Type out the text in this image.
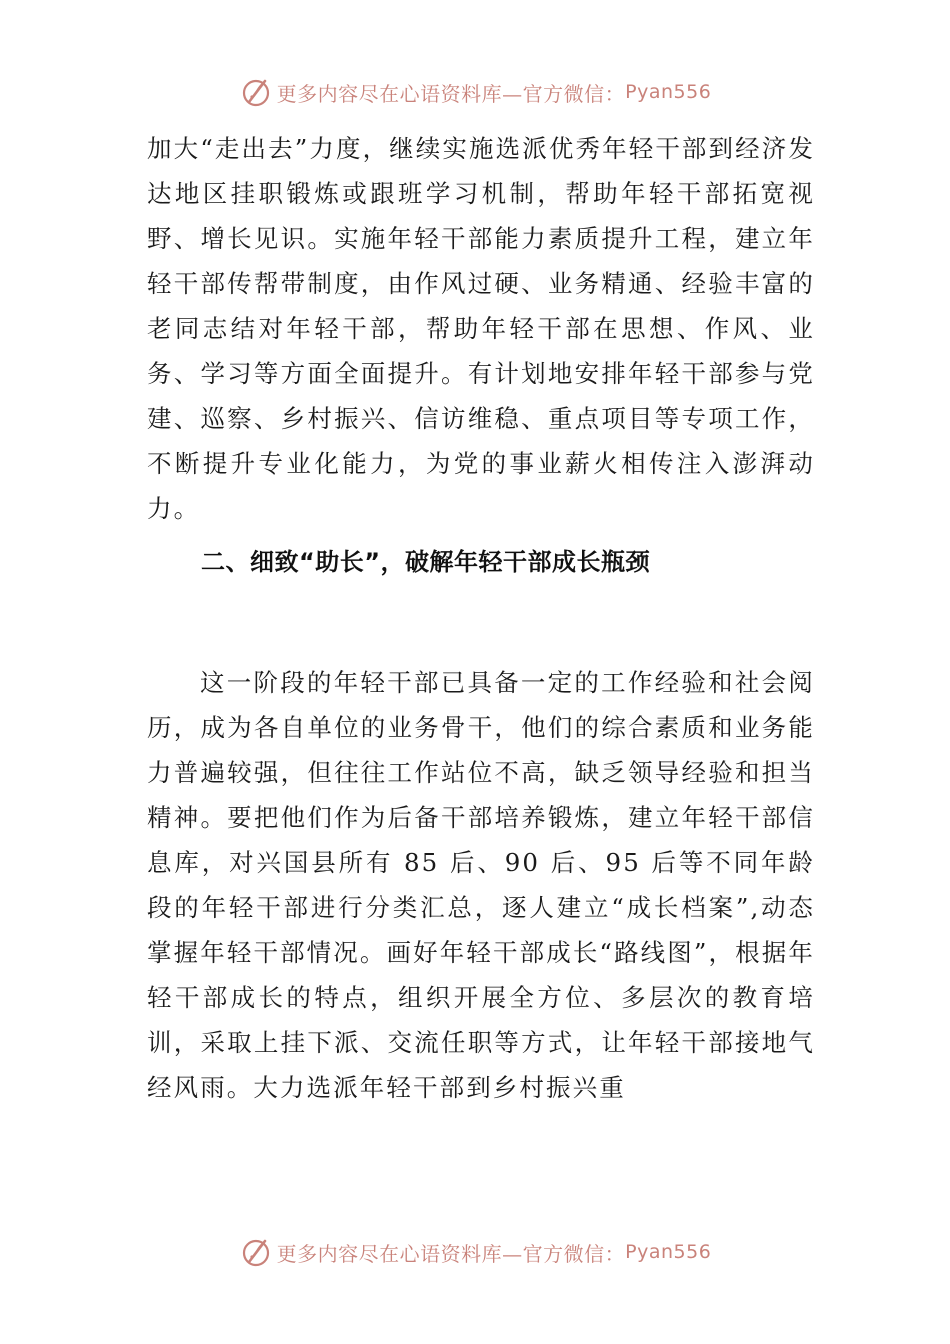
更多内容尽在心语资料库—官方微信： Pyan556

加大“走出去”力度，继续实施选派优秀年轻干部到经济发达地区挂职锻炼或跟班学习机制，帮助年轻干部拓宽视野、增长见识。实施年轻干部能力素质提升工程，建立年轻干部传帮带制度，由作风过硬、业务精通、经验丰富的老同志结对年轻干部，帮助年轻干部在思想、作风、业务、学习等方面全面提升。有计划地安排年轻干部参与党建、巡察、乡村振兴、信访维稳、重点项目等专项工作，不断提升专业化能力，为党的事业薪火相传注入澎湃动力。

二、细致“助长”，破解年轻干部成长瓶颈

这一阶段的年轻干部已具备一定的工作经验和社会阅历，成为各自单位的业务骨干，他们的综合素质和业务能力普遍较强，但往往工作站位不高，缺乏领导经验和担当精神。要把他们作为后备干部培养锻炼，建立年轻干部信息库，对兴国县所有 85 后、90 后、95 后等不同年龄段的年轻干部进行分类汇总，逐人建立“成长档案”,动态掌握年轻干部情况。画好年轻干部成长“路线图”，根据年轻干部成长的特点，组织开展全方位、多层次的教育培训，采取上挂下派、交流任职等方式，让年轻干部接地气经风雨。大力选派年轻干部到乡村振兴重

更多内容尽在心语资料库—官方微信： Pyan556
